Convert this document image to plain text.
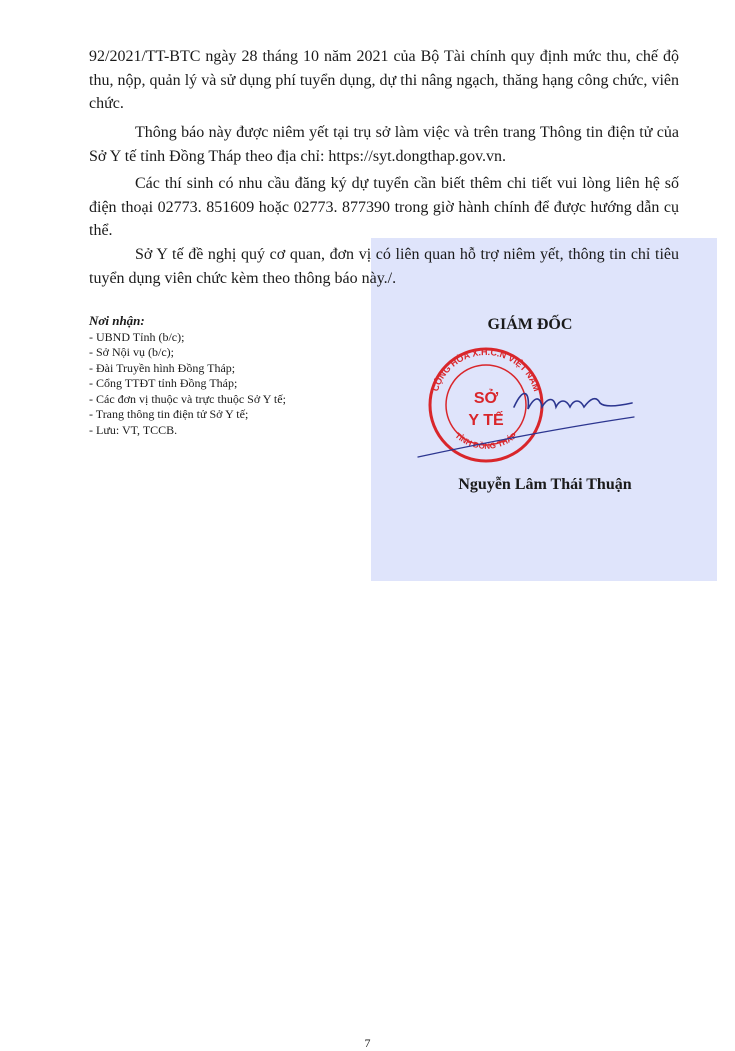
92/2021/TT-BTC ngày 28 tháng 10 năm 2021 của Bộ Tài chính quy định mức thu, chế độ thu, nộp, quản lý và sử dụng phí tuyển dụng, dự thi nâng ngạch, thăng hạng công chức, viên chức.

Thông báo này được niêm yết tại trụ sở làm việc và trên trang Thông tin điện tử của Sở Y tế tỉnh Đồng Tháp theo địa chỉ: https://syt.dongthap.gov.vn.

Các thí sinh có nhu cầu đăng ký dự tuyển cần biết thêm chi tiết vui lòng liên hệ số điện thoại 02773. 851609 hoặc 02773. 877390 trong giờ hành chính để được hướng dẫn cụ thể.

Sở Y tế đề nghị quý cơ quan, đơn vị có liên quan hỗ trợ niêm yết, thông tin chỉ tiêu tuyển dụng viên chức kèm theo thông báo này./.

Nơi nhận:
- UBND Tỉnh (b/c);
- Sở Nội vụ (b/c);
- Đài Truyền hình Đồng Tháp;
- Cổng TTĐT tỉnh Đồng Tháp;
- Các đơn vị thuộc và trực thuộc Sở Y tế;
- Trang thông tin điện tử Sở Y tế;
- Lưu: VT, TCCB.
GIÁM ĐỐC
CỘNG HÒA X.H.C.N VIỆT NAM
TỈNH ĐỒNG THÁP
SỞ
Y TẾ
Nguyễn Lâm Thái Thuận
7
